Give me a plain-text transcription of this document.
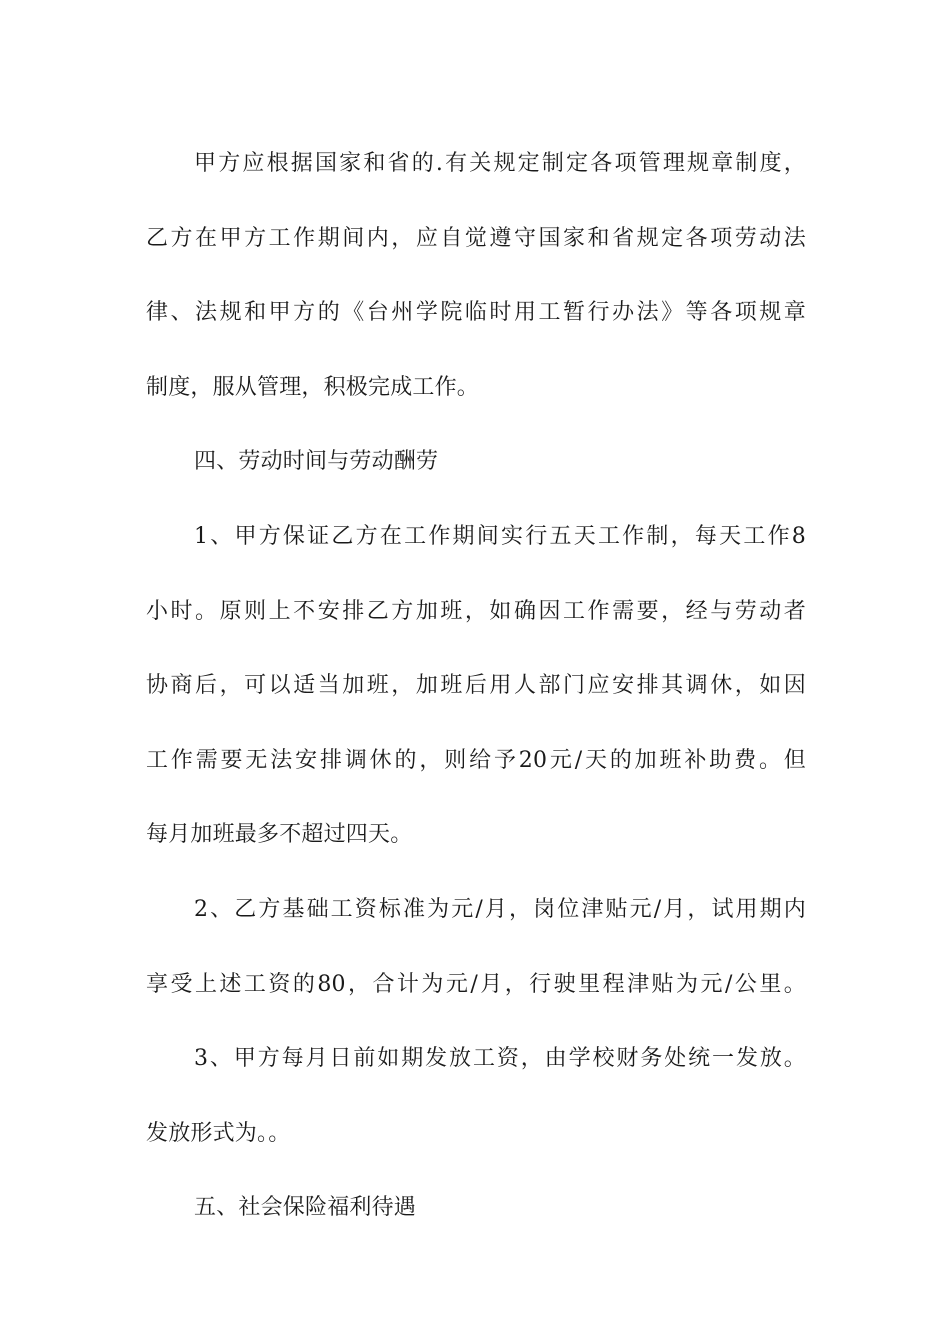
甲方应根据国家和省的.有关规定制定各项管理规章制度，
乙方在甲方工作期间内，应自觉遵守国家和省规定各项劳动法
律、法规和甲方的《台州学院临时用工暂行办法》等各项规章
制度，服从管理，积极完成工作。
四、劳动时间与劳动酬劳
1、甲方保证乙方在工作期间实行五天工作制，每天工作8
小时。原则上不安排乙方加班，如确因工作需要，经与劳动者
协商后，可以适当加班，加班后用人部门应安排其调休，如因
工作需要无法安排调休的，则给予20元/天的加班补助费。但
每月加班最多不超过四天。
2、乙方基础工资标准为元/月，岗位津贴元/月，试用期内
享受上述工资的80，合计为元/月，行驶里程津贴为元/公里。
3、甲方每月日前如期发放工资，由学校财务处统一发放。
发放形式为。。
五、社会保险福利待遇
